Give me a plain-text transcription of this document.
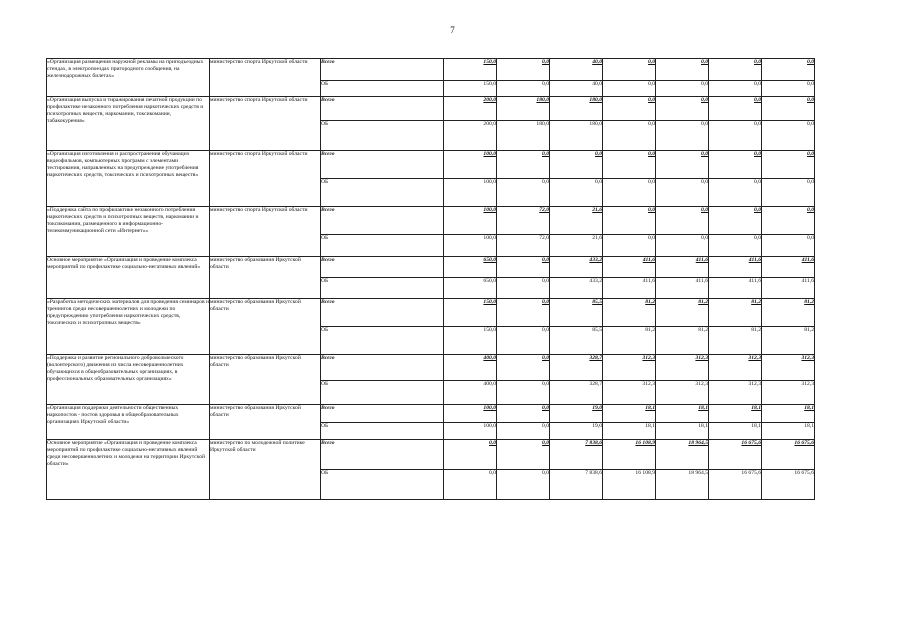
7
«Организация размещения наружной рекламы на приподъездных стендах, в электропоездах пригородного сообщения, на железнодорожных билетах»	министерство спорта Иркутской области	Всего	150,0	0,0	40,0	0,0	0,0	0,0	0,0
		ОБ	150,0	0,0	40,0	0,0	0,0	0,0	0,0
«Организация выпуска и тиражирования печатной продукции по профилактике незаконного потребления наркотических средств и психотропных веществ, наркомании, токсикомании, табакокурения»	министерство спорта Иркутской области	Всего	200,0	180,0	180,0	0,0	0,0	0,0	0,0
		ОБ	200,0	180,0	180,0	0,0	0,0	0,0	0,0
«Организация изготовления и распространения обучающих видеофильмов, компьютерных программ с элементами тестирования, направленных на предупреждение употребления наркотических средств, токсических и психотропных веществ»	министерство спорта Иркутской области	Всего	100,0	0,0	0,0	0,0	0,0	0,0	0,0
		ОБ	100,0	0,0	0,0	0,0	0,0	0,0	0,0
«Поддержка сайта по профилактике незаконного потребления наркотических средств и психотропных веществ, наркомании и токсикомании, размещенного в информационно-телекоммуникационной сети «Интернет»»	министерство спорта Иркутской области	Всего	100,0	72,0	21,6	0,0	0,0	0,0	0,0
		ОБ	100,0	72,0	21,6	0,0	0,0	0,0	0,0
Основное мероприятие «Организация и проведение комплекса мероприятий по профилактике социально-негативных явлений»	министерство образования Иркутской области	Всего	650,0	0,0	433,2	411,6	411,6	411,6	411,6
		ОБ	650,0	0,0	433,2	411,6	411,6	411,6	411,6
«Разработка методических материалов для проведения семинаров и тренингов среди несовершеннолетних и молодежи по предупреждению употребления наркотических средств, токсических и психотропных веществ»	министерство образования Иркутской области	Всего	150,0	0,0	85,5	81,2	81,2	81,2	81,2
		ОБ	150,0	0,0	85,5	81,2	81,2	81,2	81,2
«Поддержка и развитие регионального добровольческого (волонтерского) движения из числа несовершеннолетних обучающихся в общеобразовательных организациях, в профессиональных образовательных организациях»	министерство образования Иркутской области	Всего	400,0	0,0	328,7	312,3	312,3	312,3	312,3
		ОБ	400,0	0,0	328,7	312,3	312,3	312,3	312,3
«Организация поддержки деятельности общественных наркопостов - постов здоровья в общеобразовательных организациях Иркутской области»	министерство образования Иркутской области	Всего	100,0	0,0	19,0	18,1	18,1	18,1	18,1
		ОБ	100,0	0,0	19,0	18,1	18,1	18,1	18,1
Основное мероприятие «Организация и проведение комплекса мероприятий по профилактике социально-негативных явлений среди несовершеннолетних и молодежи на территории Иркутской области»	министерство по молодежной политике Иркутской области	Всего	0,0	0,0	7 838,6	16 108,9	18 964,5	16 675,6	16 675,6
		ОБ	0,0	0,0	7 838,6	16 108,9	18 964,5	16 675,6	16 675,6
